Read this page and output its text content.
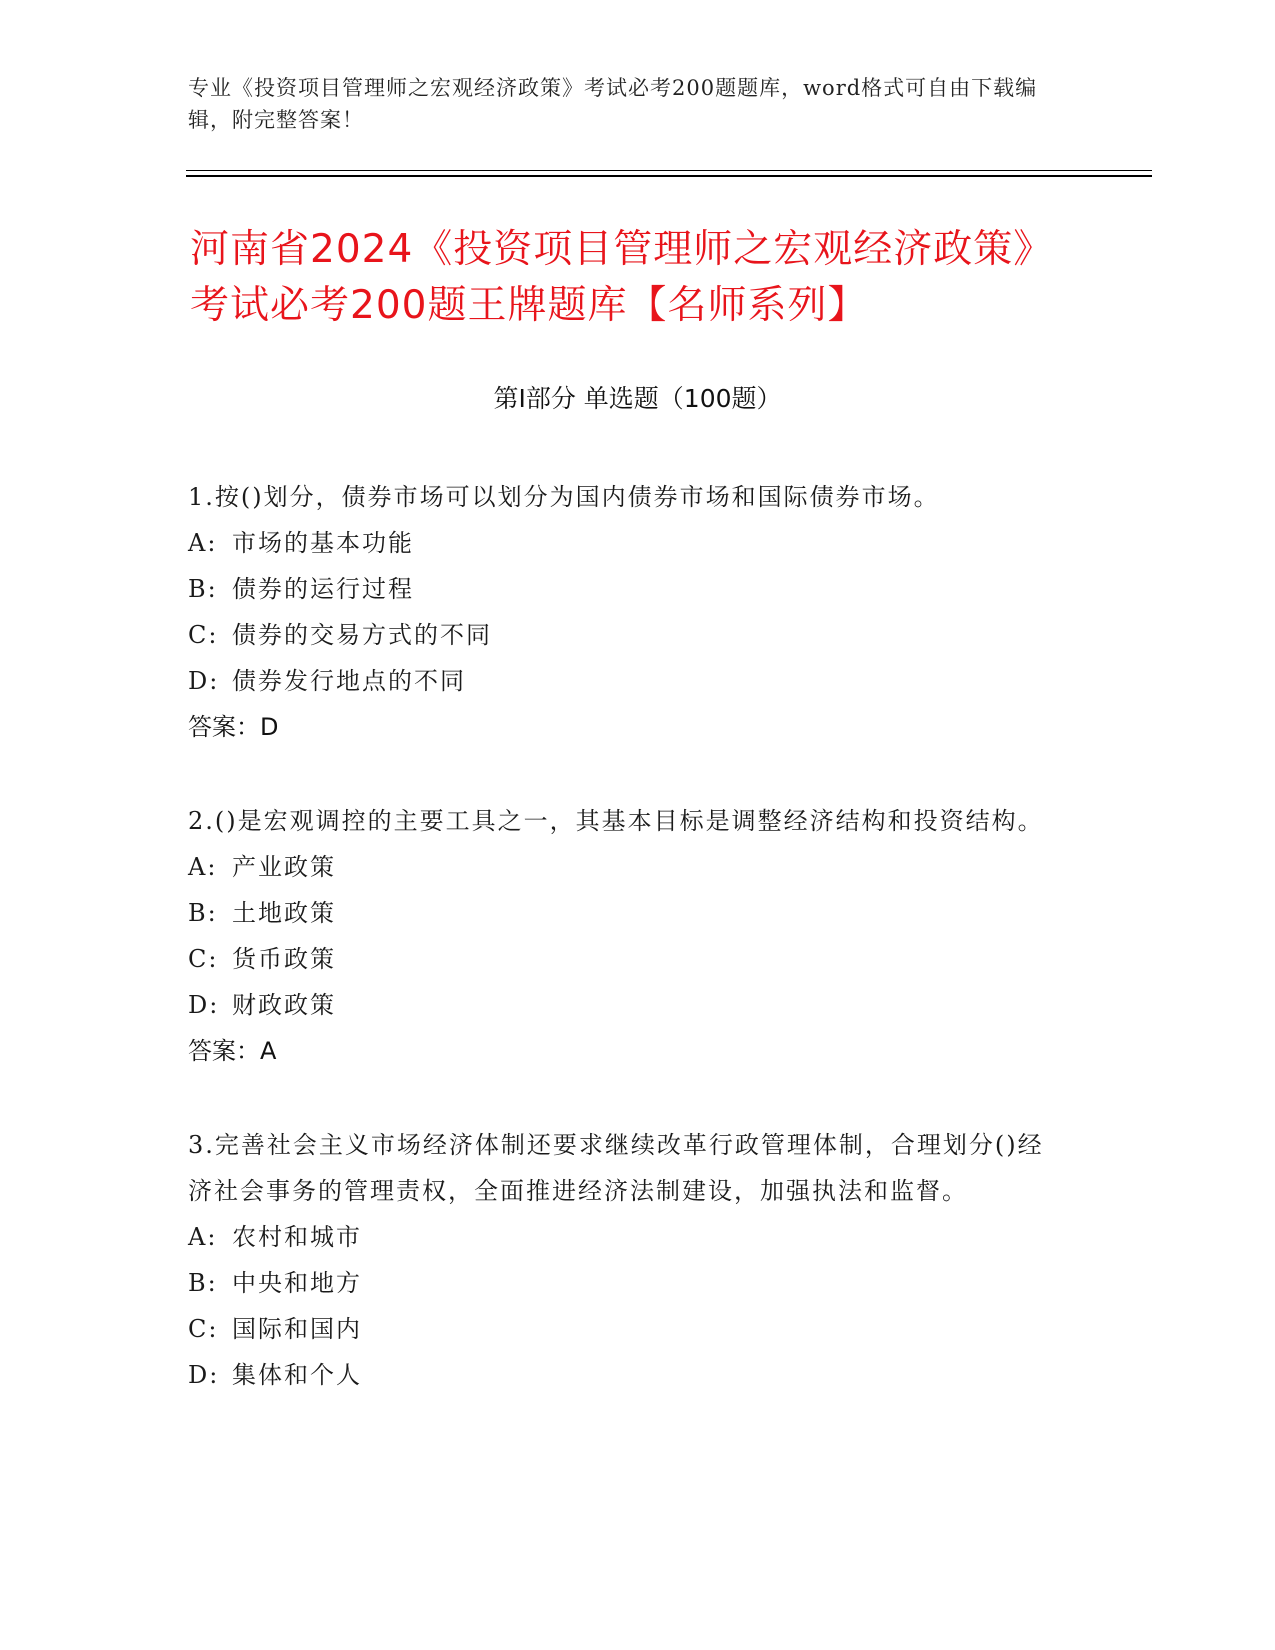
专业《投资项目管理师之宏观经济政策》考试必考200题题库，word格式可自由下载编辑，附完整答案！
河南省2024《投资项目管理师之宏观经济政策》考试必考200题王牌题库【名师系列】
第Ⅰ部分 单选题（100题）
1.按()划分，债券市场可以划分为国内债券市场和国际债券市场。
A: 市场的基本功能
B: 债券的运行过程
C: 债券的交易方式的不同
D: 债券发行地点的不同
答案：D
2.()是宏观调控的主要工具之一，其基本目标是调整经济结构和投资结构。
A: 产业政策
B: 土地政策
C: 货币政策
D: 财政政策
答案：A
3.完善社会主义市场经济体制还要求继续改革行政管理体制，合理划分()经济社会事务的管理责权，全面推进经济法制建设，加强执法和监督。
A: 农村和城市
B: 中央和地方
C: 国际和国内
D: 集体和个人
